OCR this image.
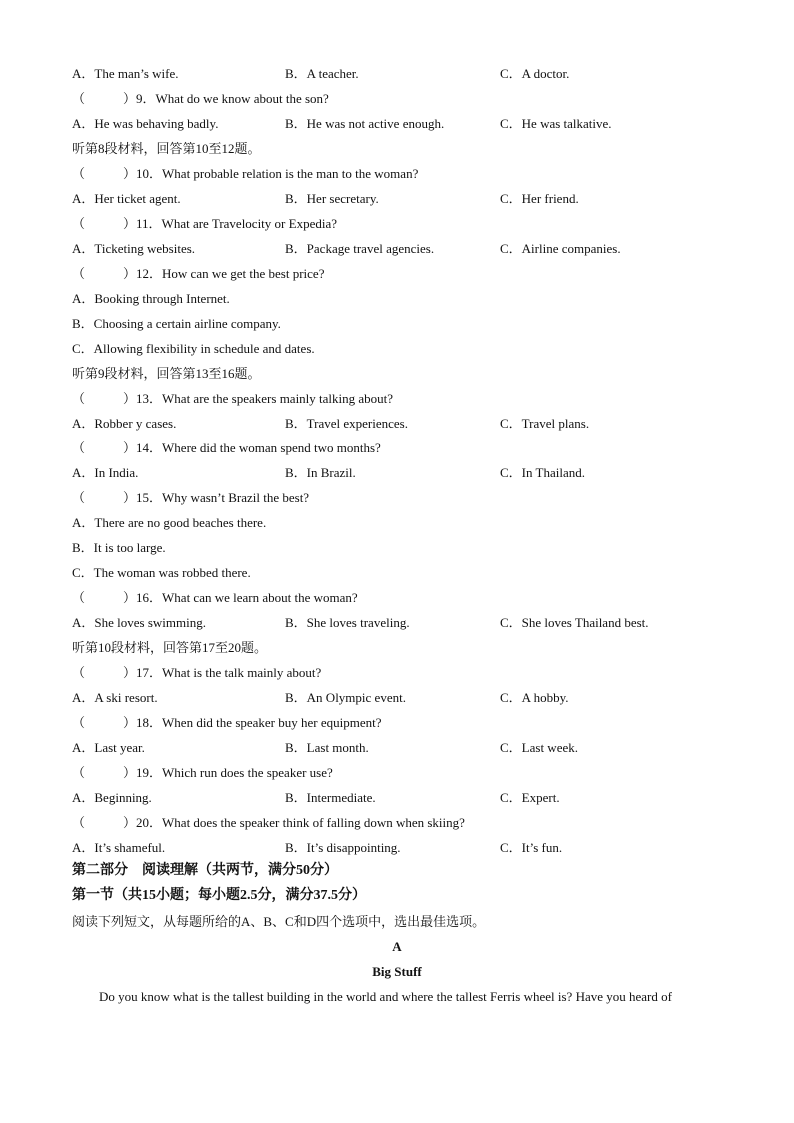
A．The man’s wife.	B．A teacher.	C．A doctor.
（	）9．What do we know about the son?
A．He was behaving badly.	B．He was not active enough.	C．He was talkative.
听第8段材料，回答第10至12题。
（	）10．What probable relation is the man to the woman?
A．Her ticket agent.	B．Her secretary.	C．Her friend.
（	）11．What are Travelocity or Expedia?
A．Ticketing websites.	B．Package travel agencies.	C．Airline companies.
（	）12．How can we get the best price?
A．Booking through Internet.
B．Choosing a certain airline company.
C．Allowing flexibility in schedule and dates.
听第9段材料，回答第13至16题。
（	）13．What are the speakers mainly talking about?
A．Robber y cases.	B．Travel experiences.	C．Travel plans.
（	）14．Where did the woman spend two months?
A．In India.	B．In Brazil.	C．In Thailand.
（	）15．Why wasn’t Brazil the best?
A．There are no good beaches there.
B．It is too large.
C．The woman was robbed there.
（	）16．What can we learn about the woman?
A．She loves swimming.	B．She loves traveling.	C．She loves Thailand best.
听第10段材料，回答第17至20题。
（	）17．What is the talk mainly about?
A．A ski resort.	B．An Olympic event.	C．A hobby.
（	）18．When did the speaker buy her equipment?
A．Last year.	B．Last month.	C．Last week.
（	）19．Which run does the speaker use?
A．Beginning.	B．Intermediate.	C．Expert.
（	）20．What does the speaker think of falling down when skiing?
A．It’s shameful.	B．It’s disappointing.	C．It’s fun.
第二部分　阅读理解（共两节，满分50分）
第一节（共15小题；每小题2.5分，满分37.5分）
阅读下列短文，从每题所给的A、B、C和D四个选项中，选出最佳选项。
A
Big Stuff
Do you know what is the tallest building in the world and where the tallest Ferris wheel is? Have you heard of
